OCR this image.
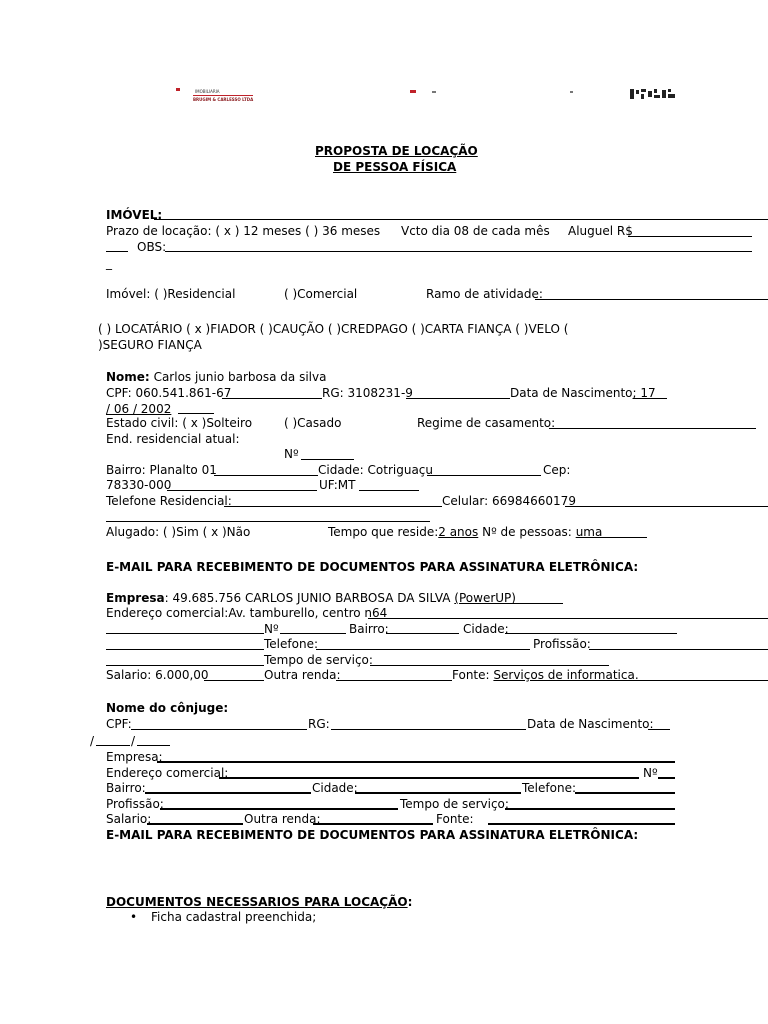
IMOBILIARIA
BRUGIM & CARLESSO LTDA
PROPOSTA DE LOCAÇÃO
DE PESSOA FÍSICA
IMÓVEL:
Prazo de locação: ( x ) 12 meses ( ) 36 meses Vcto dia 08 de cada mês Aluguel R$
OBS:
_
Imóvel: ( )Residencial	( )Comercial	Ramo de atividade:
( ) LOCATÁRIO ( x )FIADOR ( )CAUÇÃO ( )CREDPAGO ( )CARTA FIANÇA ( )VELO (
)SEGURO FIANÇA
Nome: Carlos junio barbosa da silva
CPF: 060.541.861-67	RG: 3108231-9	Data de Nascimento; 17
/ 06 / 2002
Estado civil: ( x )Solteiro	( )Casado	Regime de casamento:
End. residencial atual:
Nº
Bairro: Planalto 01	Cidade: Cotriguaçu	Cep:
78330-000	UF:MT
Telefone Residencial:	Celular: 66984660179
Alugado: ( )Sim ( x )Não	Tempo que reside:2 anos Nº de pessoas: uma
E-MAIL PARA RECEBIMENTO DE DOCUMENTOS PARA ASSINATURA ELETRÔNICA:
Empresa: 49.685.756 CARLOS JUNIO BARBOSA DA SILVA (PowerUP)
Endereço comercial:Av. tamburello, centro n64
Nº	Bairro:	Cidade:
Telefone:	Profissão:
Tempo de serviço:
Salario: 6.000,00	Outra renda:	Fonte: Serviços de informatica.
Nome do cônjuge:
CPF:	RG:	Data de Nascimento:
/	/
Empresa:
Endereço comercial:	Nº
Bairro:	Cidade:	Telefone:
Profissão:	Tempo de serviço:
Salario:	Outra renda:	Fonte:
E-MAIL PARA RECEBIMENTO DE DOCUMENTOS PARA ASSINATURA ELETRÔNICA:
DOCUMENTOS NECESSARIOS PARA LOCAÇÃO:
• Ficha cadastral preenchida;
